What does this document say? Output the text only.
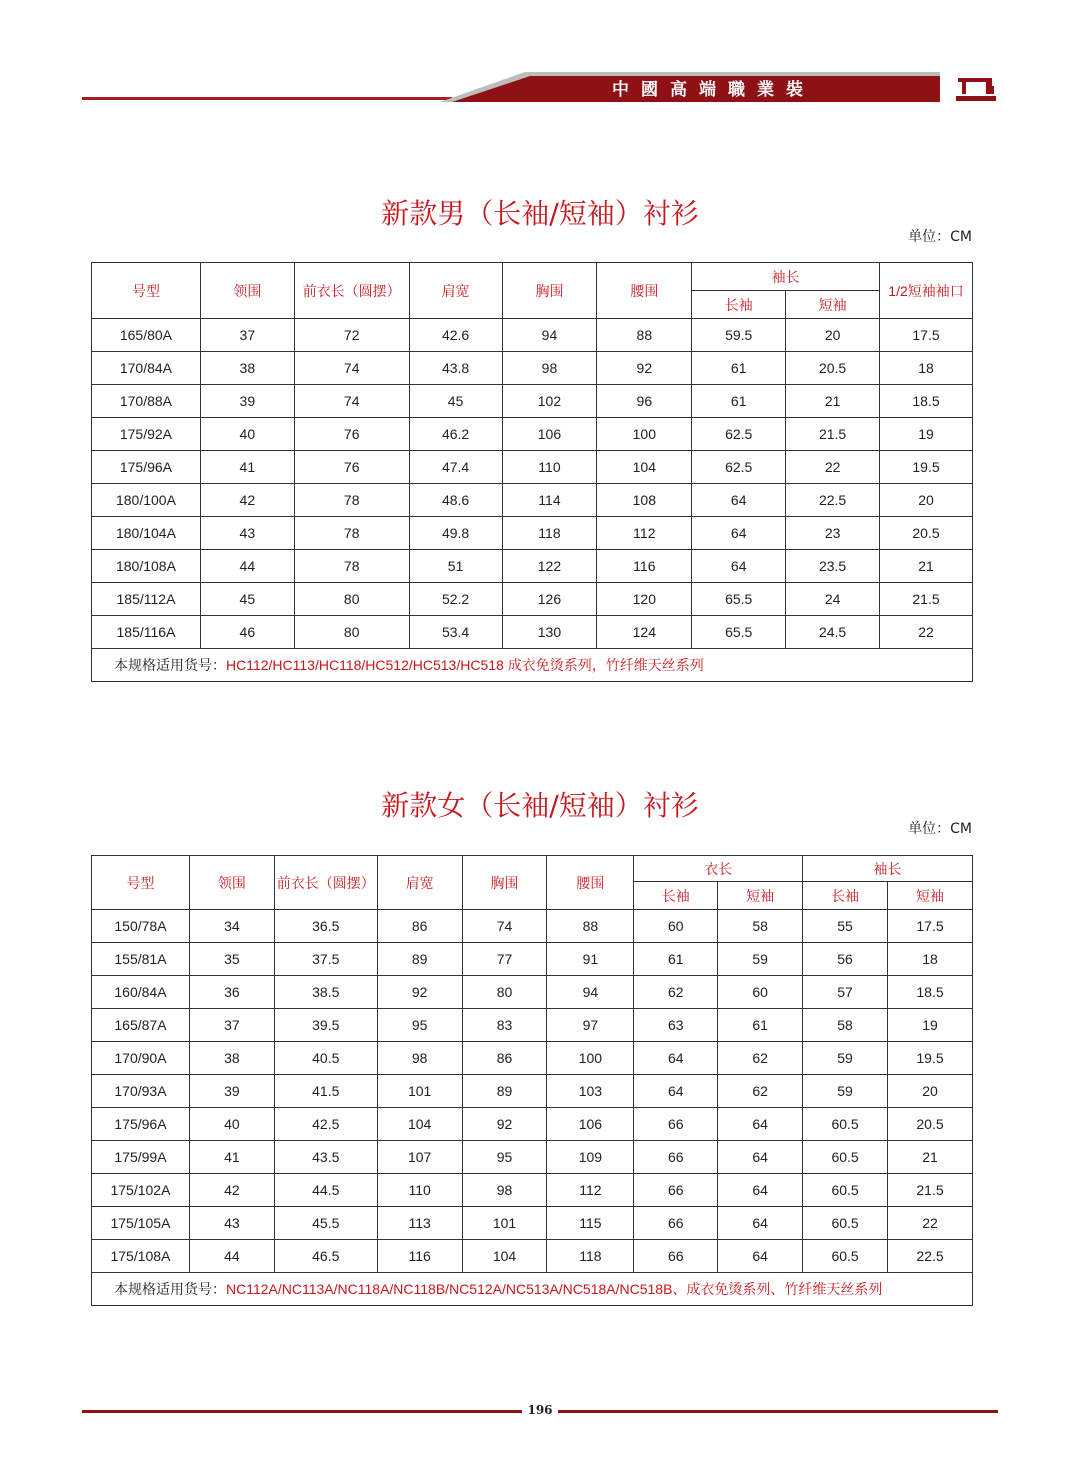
中國高端職業裝
新款男（长袖/短袖）衬衫
单位：CM
号型	领围	前衣长（圆摆）	肩宽	胸围	腰围	袖长		1/2短袖袖口
						长袖	短袖	
165/80A	37	72	42.6	94	88	59.5	20	17.5
170/84A	38	74	43.8	98	92	61	20.5	18
170/88A	39	74	45	102	96	61	21	18.5
175/92A	40	76	46.2	106	100	62.5	21.5	19
175/96A	41	76	47.4	110	104	62.5	22	19.5
180/100A	42	78	48.6	114	108	64	22.5	20
180/104A	43	78	49.8	118	112	64	23	20.5
180/108A	44	78	51	122	116	64	23.5	21
185/112A	45	80	52.2	126	120	65.5	24	21.5
185/116A	46	80	53.4	130	124	65.5	24.5	22
本规格适用货号：HC112/HC113/HC118/HC512/HC513/HC518 成衣免烫系列，竹纤维天丝系列								
新款女（长袖/短袖）衬衫
单位：CM
号型	领围	前衣长（圆摆）	肩宽	胸围	腰围	衣长		袖长	
						长袖	短袖	长袖	短袖
150/78A	34	36.5	86	74	88	60	58	55	17.5
155/81A	35	37.5	89	77	91	61	59	56	18
160/84A	36	38.5	92	80	94	62	60	57	18.5
165/87A	37	39.5	95	83	97	63	61	58	19
170/90A	38	40.5	98	86	100	64	62	59	19.5
170/93A	39	41.5	101	89	103	64	62	59	20
175/96A	40	42.5	104	92	106	66	64	60.5	20.5
175/99A	41	43.5	107	95	109	66	64	60.5	21
175/102A	42	44.5	110	98	112	66	64	60.5	21.5
175/105A	43	45.5	113	101	115	66	64	60.5	22
175/108A	44	46.5	116	104	118	66	64	60.5	22.5
本规格适用货号：NC112A/NC113A/NC118A/NC118B/NC512A/NC513A/NC518A/NC518B、成衣免烫系列、竹纤维天丝系列									
196
